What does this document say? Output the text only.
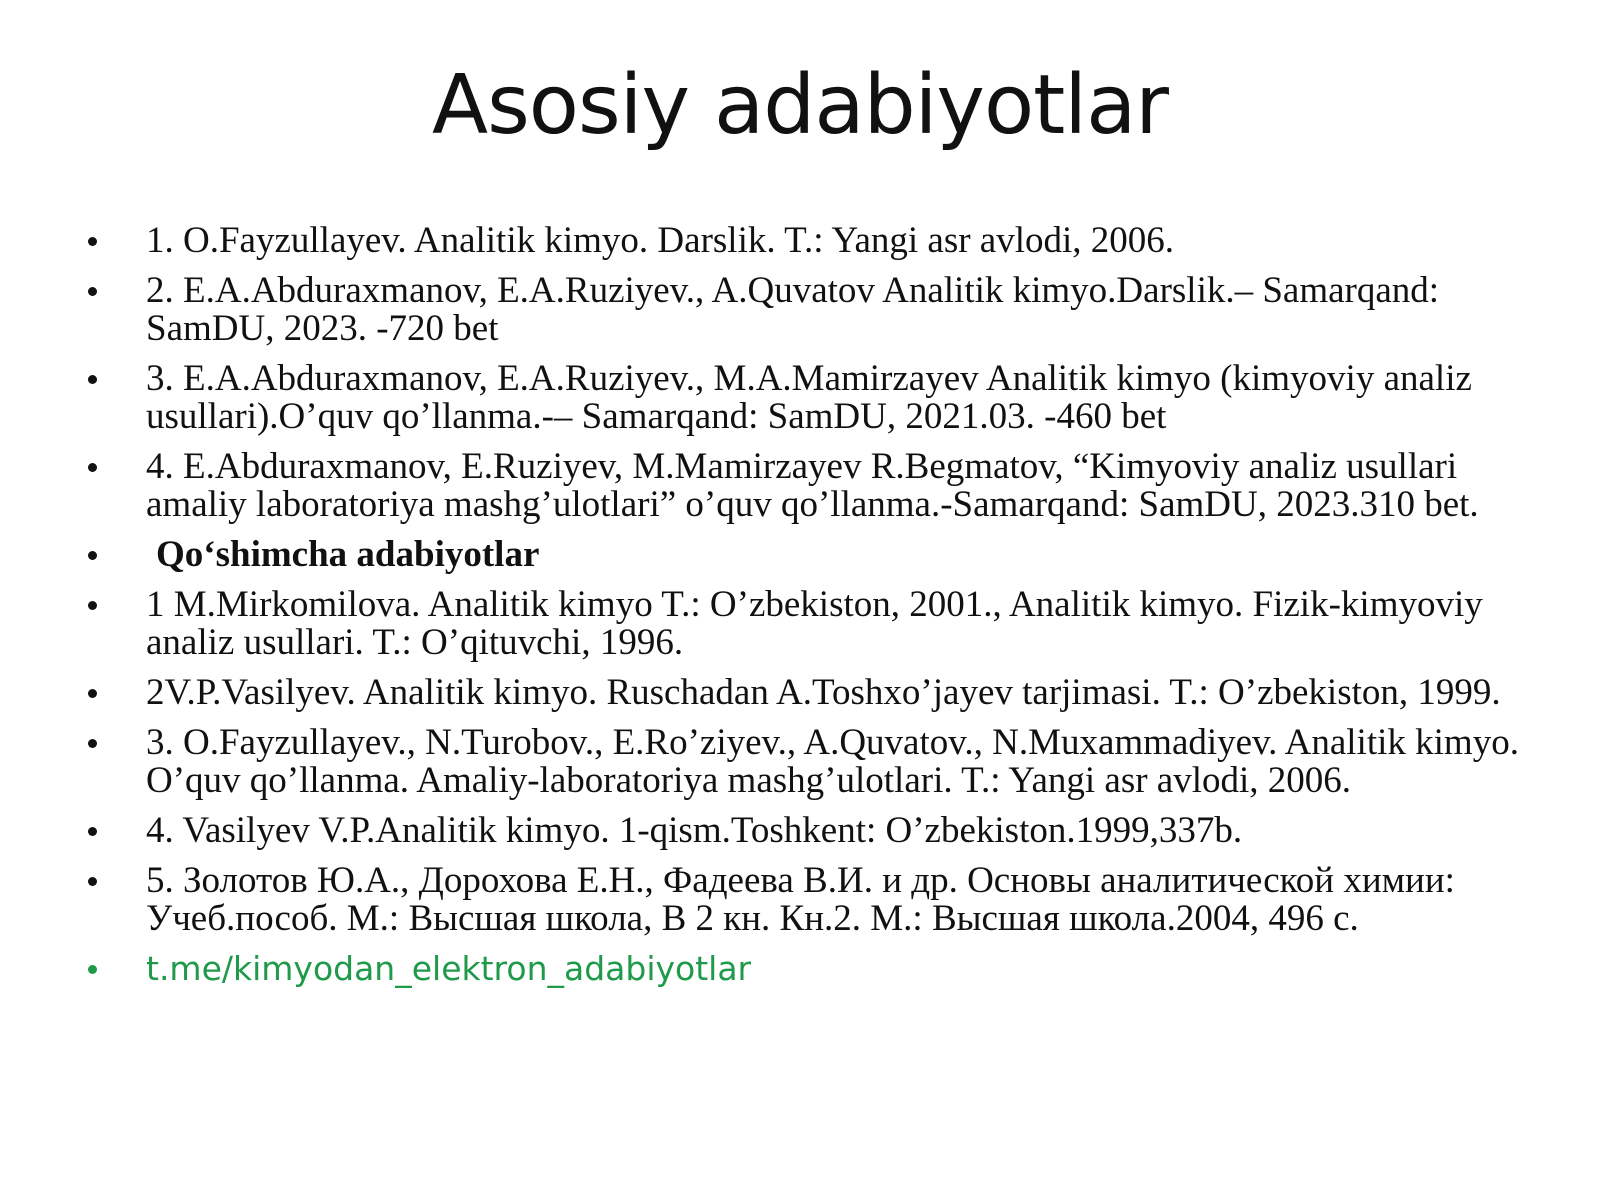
Asosiy adabiyotlar
1. O.Fayzullayev. Analitik kimyo. Darslik. T.: Yangi asr avlodi, 2006.
2. E.A.Abduraxmanov, E.A.Ruziyev., A.Quvatov Analitik kimyo.Darslik.– Samarqand: SamDU, 2023. -720 bet
3. E.A.Abduraxmanov, E.A.Ruziyev., M.A.Mamirzayev Analitik kimyo (kimyoviy analiz usullari).O’quv qo’llanma.-– Samarqand: SamDU, 2021.03. -460 bet
4. E.Abduraxmanov, E.Ruziyev, M.Mamirzayev R.Begmatov, “Kimyoviy analiz usullari amaliy laboratoriya mashg’ulotlari” o’quv qo’llanma.-Samarqand: SamDU, 2023.310 bet.
Qo‘shimcha adabiyotlar
1 M.Mirkomilova. Analitik kimyo T.: O’zbekiston, 2001., Analitik kimyo. Fizik-kimyoviy analiz usullari. T.: O’qituvchi, 1996.
2V.P.Vasilyev. Analitik kimyo. Ruschadan A.Toshxo’jayev tarjimasi. T.: O’zbekiston, 1999.
3. O.Fayzullayev., N.Turobov., E.Ro’ziyev., A.Quvatov., N.Muxammadiyev. Analitik kimyo. O’quv qo’llanma. Amaliy-laboratoriya mashg’ulotlari. T.: Yangi asr avlodi, 2006.
4. Vasilyev V.P.Analitik kimyo. 1-qism.Toshkent: O’zbekiston.1999,337b.
5. Золотов Ю.А., Дорохова Е.Н., Фадеева В.И. и др. Основы аналитической химии: Учеб.пособ. М.: Высшая школа, В 2 кн. Кн.2. М.: Высшая школа.2004, 496 с.
t.me/kimyodan_elektron_adabiyotlar
